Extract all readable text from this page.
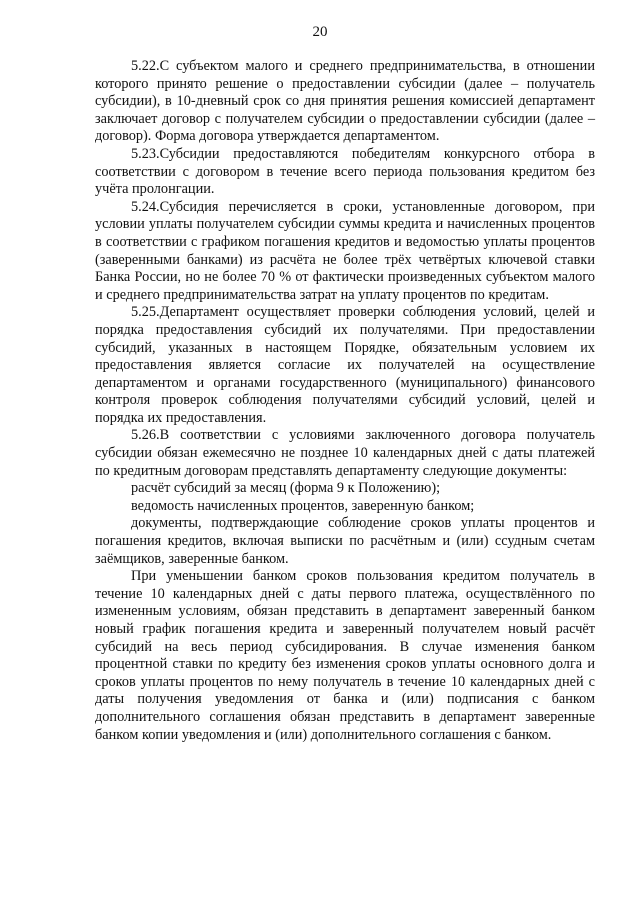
20

5.22.С субъектом малого и среднего предпринимательства, в отношении которого принято решение о предоставлении субсидии (далее – получатель субсидии), в 10-дневный срок со дня принятия решения комиссией департамент заключает договор с получателем субсидии о предоставлении субсидии (далее – договор). Форма договора утверждается департаментом.

5.23.Субсидии предоставляются победителям конкурсного отбора в соответствии с договором в течение всего периода пользования кредитом без учёта пролонгации.

5.24.Субсидия перечисляется в сроки, установленные договором, при условии уплаты получателем субсидии суммы кредита и начисленных процентов в соответствии с графиком погашения кредитов и ведомостью уплаты процентов (заверенными банками) из расчёта не более трёх четвёртых ключевой ставки Банка России, но не более 70 % от фактически произведенных субъектом малого и среднего предпринимательства затрат на уплату процентов по кредитам.

5.25.Департамент осуществляет проверки соблюдения условий, целей и порядка предоставления субсидий их получателями. При предоставлении субсидий, указанных в настоящем Порядке, обязательным условием их предоставления является согласие их получателей на осуществление департаментом и органами государственного (муниципального) финансового контроля проверок соблюдения получателями субсидий условий, целей и порядка их предоставления.

5.26.В соответствии с условиями заключенного договора получатель субсидии обязан ежемесячно не позднее 10 календарных дней с даты платежей по кредитным договорам представлять департаменту следующие документы:

расчёт субсидий за месяц (форма 9 к Положению);

ведомость начисленных процентов, заверенную банком;

документы, подтверждающие соблюдение сроков уплаты процентов и погашения кредитов, включая выписки по расчётным и (или) ссудным счетам заёмщиков, заверенные банком.

При уменьшении банком сроков пользования кредитом получатель в течение 10 календарных дней с даты первого платежа, осуществлённого по измененным условиям, обязан представить в департамент заверенный банком новый график погашения кредита и заверенный получателем новый расчёт субсидий на весь период субсидирования. В случае изменения банком процентной ставки по кредиту без изменения сроков уплаты основного долга и сроков уплаты процентов по нему получатель в течение 10 календарных дней с даты получения уведомления от банка и (или) подписания с банком дополнительного соглашения обязан представить в департамент заверенные банком копии уведомления и (или) дополнительного соглашения с банком.
